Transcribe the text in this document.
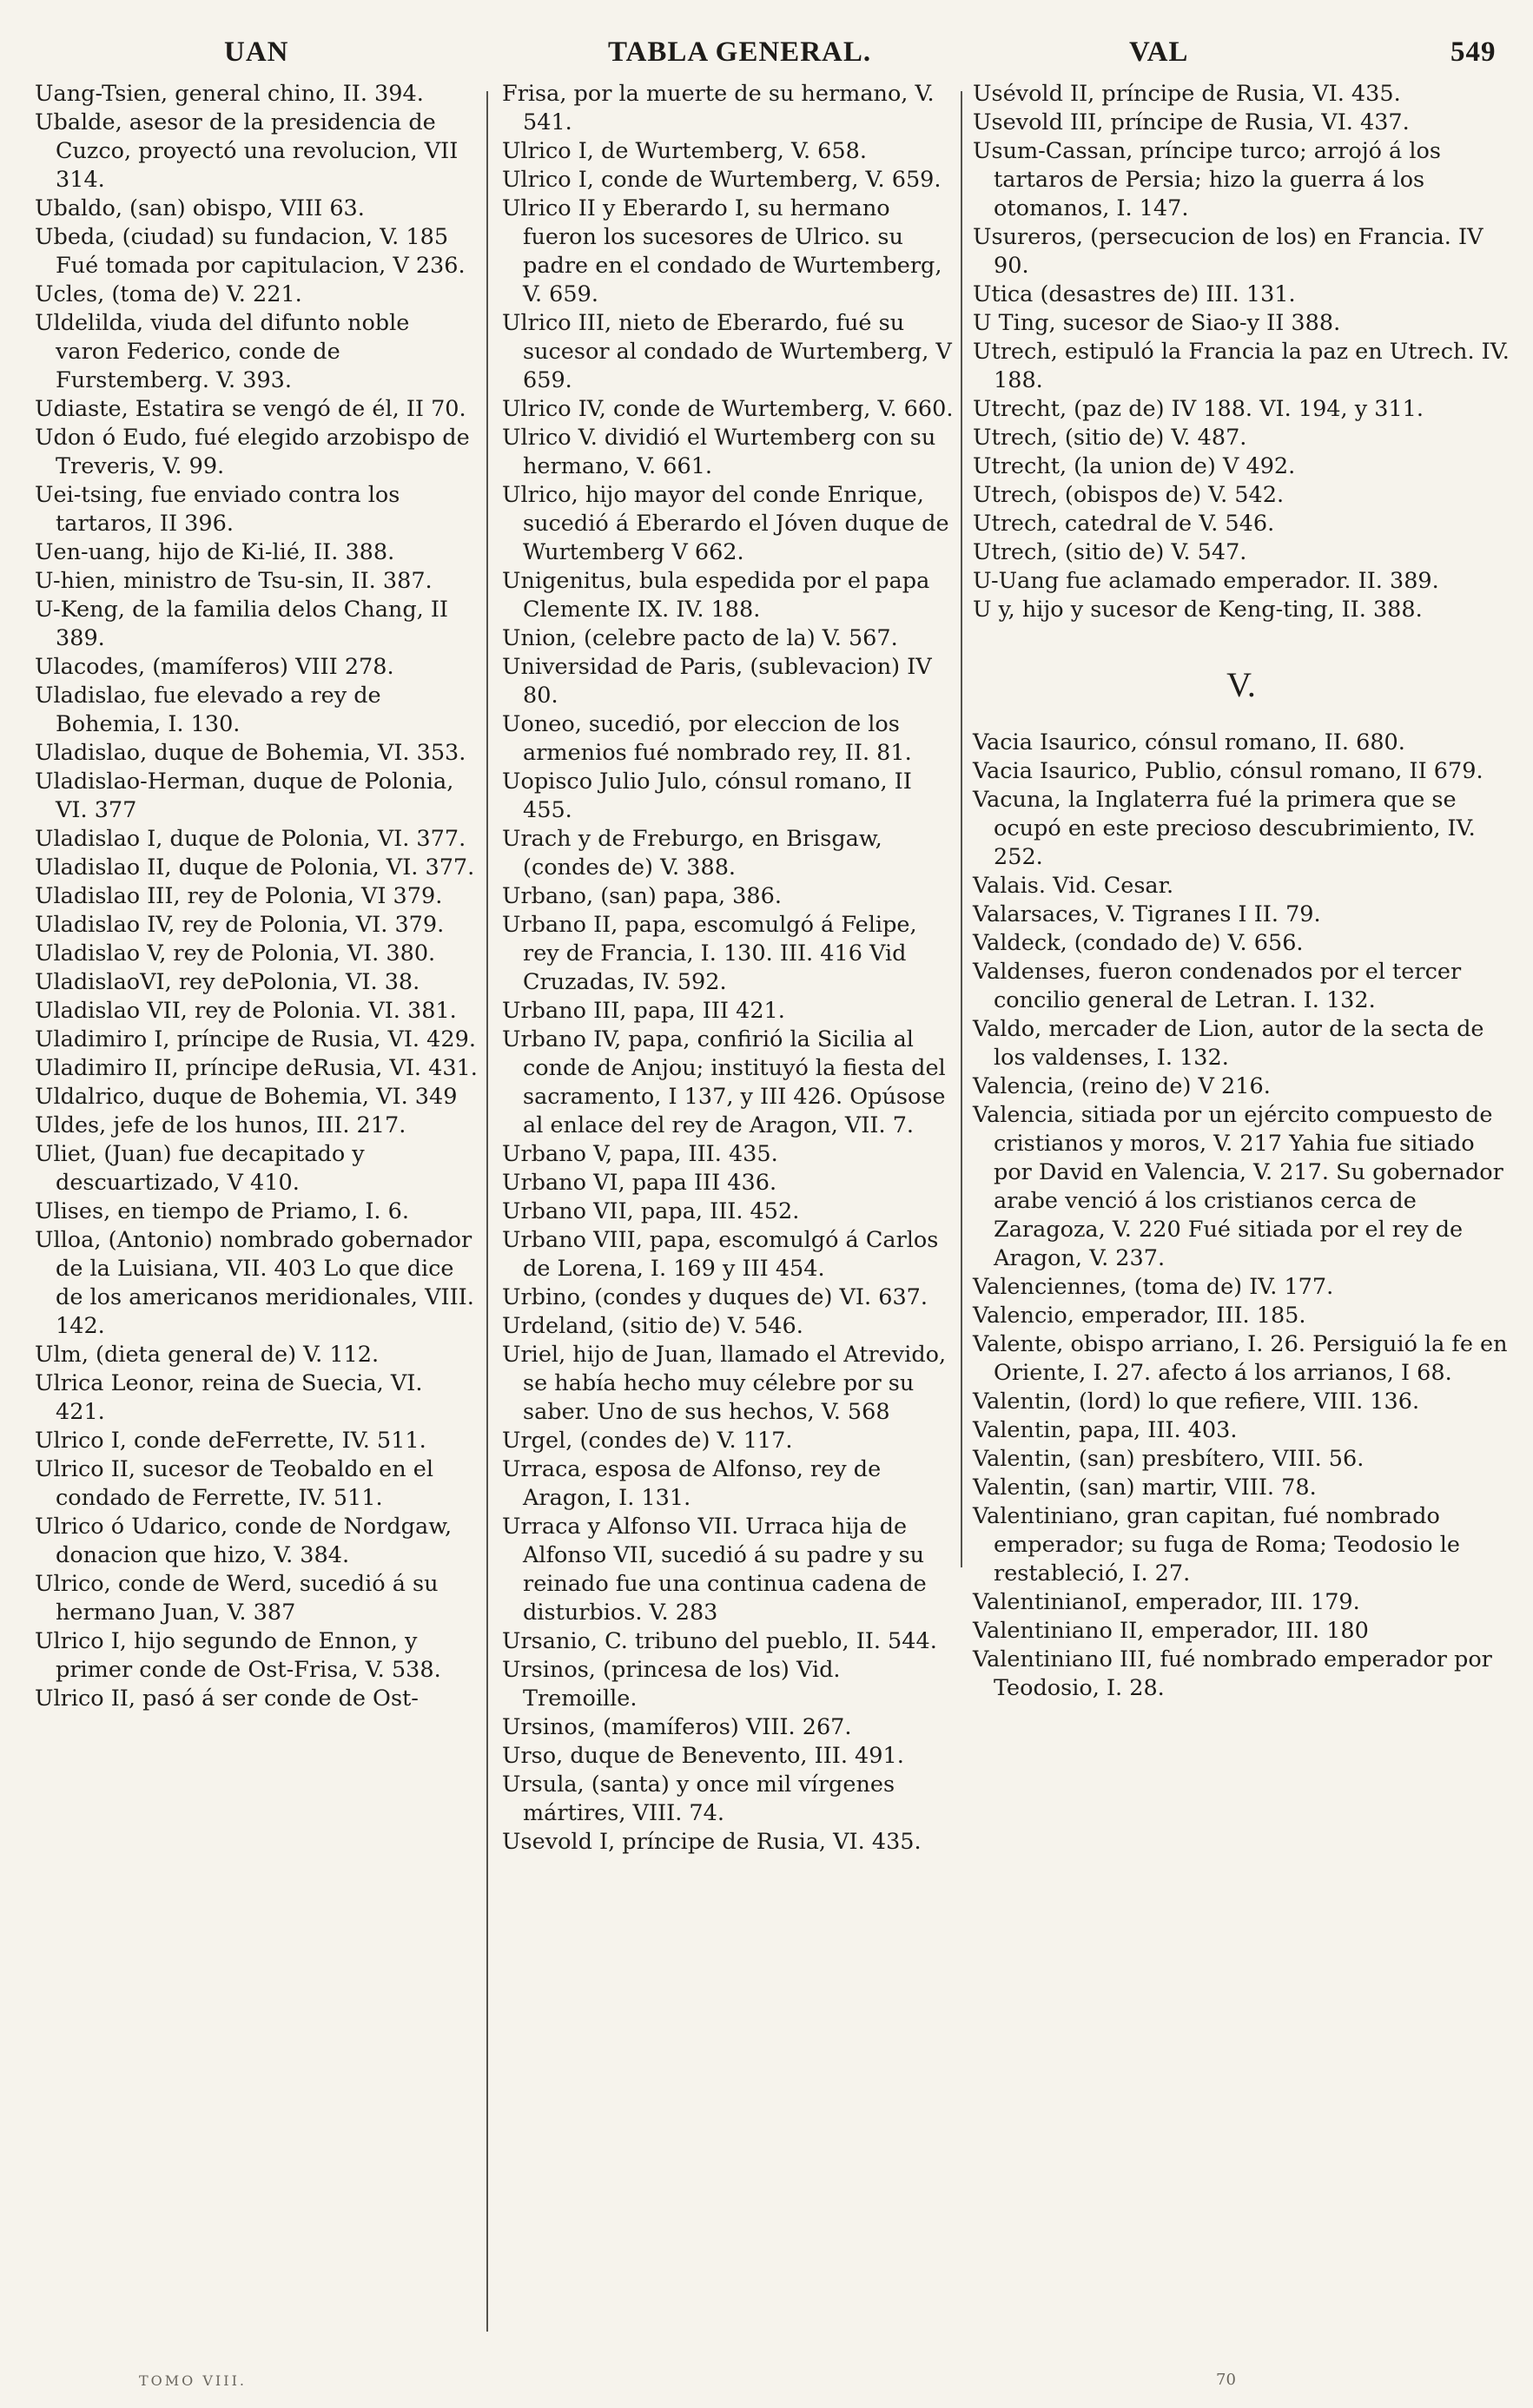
UAN	TABLA GENERAL.	VAL	549

Uang-Tsien, general chino, II. 394.

Ubalde, asesor de la presidencia de Cuzco, proyectó una revolucion, VII 314.

Ubaldo, (san) obispo, VIII 63.

Ubeda, (ciudad) su fundacion, V. 185 Fué tomada por capitulacion, V 236.

Ucles, (toma de) V. 221.

Uldelilda, viuda del difunto noble varon Federico, conde de Furstemberg. V. 393.

Udiaste, Estatira se vengó de él, II 70.

Udon ó Eudo, fué elegido arzobispo de Treveris, V. 99.

Uei-tsing, fue enviado contra los tartaros, II 396.

Uen-uang, hijo de Ki-lié, II. 388.

U-hien, ministro de Tsu-sin, II. 387.

U-Keng, de la familia delos Chang, II 389.

Ulacodes, (mamíferos) VIII 278.

Uladislao, fue elevado a rey de Bohemia, I. 130.

Uladislao, duque de Bohemia, VI. 353.

Uladislao-Herman, duque de Polonia, VI. 377

Uladislao I, duque de Polonia, VI. 377.

Uladislao II, duque de Polonia, VI. 377.

Uladislao III, rey de Polonia, VI 379.

Uladislao IV, rey de Polonia, VI. 379.

Uladislao V, rey de Polonia, VI. 380.

UladislaoVI, rey dePolonia, VI. 38.

Uladislao VII, rey de Polonia. VI. 381.

Uladimiro I, príncipe de Rusia, VI. 429.

Uladimiro II, príncipe deRusia, VI. 431.

Uldalrico, duque de Bohemia, VI. 349

Uldes, jefe de los hunos, III. 217.

Uliet, (Juan) fue decapitado y descuartizado, V 410.

Ulises, en tiempo de Priamo, I. 6.

Ulloa, (Antonio) nombrado gobernador de la Luisiana, VII. 403 Lo que dice de los americanos meridionales, VIII. 142.

Ulm, (dieta general de) V. 112.

Ulrica Leonor, reina de Suecia, VI. 421.

Ulrico I, conde deFerrette, IV. 511.

Ulrico II, sucesor de Teobaldo en el condado de Ferrette, IV. 511.

Ulrico ó Udarico, conde de Nordgaw, donacion que hizo, V. 384.

Ulrico, conde de Werd, sucedió á su hermano Juan, V. 387

Ulrico I, hijo segundo de Ennon, y primer conde de Ost-Frisa, V. 538.

Ulrico II, pasó á ser conde de Ost-

Frisa, por la muerte de su hermano, V. 541.

Ulrico I, de Wurtemberg, V. 658.

Ulrico I, conde de Wurtemberg, V. 659.

Ulrico II y Eberardo I, su hermano fueron los sucesores de Ulrico. su padre en el condado de Wurtemberg, V. 659.

Ulrico III, nieto de Eberardo, fué su sucesor al condado de Wurtemberg, V 659.

Ulrico IV, conde de Wurtemberg, V. 660.

Ulrico V. dividió el Wurtemberg con su hermano, V. 661.

Ulrico, hijo mayor del conde Enrique, sucedió á Eberardo el Jóven duque de Wurtemberg V 662.

Unigenitus, bula espedida por el papa Clemente IX. IV. 188.

Union, (celebre pacto de la) V. 567.

Universidad de Paris, (sublevacion) IV 80.

Uoneo, sucedió, por eleccion de los armenios fué nombrado rey, II. 81.

Uopisco Julio Julo, cónsul romano, II 455.

Urach y de Freburgo, en Brisgaw, (condes de) V. 388.

Urbano, (san) papa, 386.

Urbano II, papa, escomulgó á Felipe, rey de Francia, I. 130. III. 416 Vid Cruzadas, IV. 592.

Urbano III, papa, III 421.

Urbano IV, papa, confirió la Sicilia al conde de Anjou; instituyó la fiesta del sacramento, I 137, y III 426. Opúsose al enlace del rey de Aragon, VII. 7.

Urbano V, papa, III. 435.

Urbano VI, papa III 436.

Urbano VII, papa, III. 452.

Urbano VIII, papa, escomulgó á Carlos de Lorena, I. 169 y III 454.

Urbino, (condes y duques de) VI. 637.

Urdeland, (sitio de) V. 546.

Uriel, hijo de Juan, llamado el Atrevido, se había hecho muy célebre por su saber. Uno de sus hechos, V. 568

Urgel, (condes de) V. 117.

Urraca, esposa de Alfonso, rey de Aragon, I. 131.

Urraca y Alfonso VII. Urraca hija de Alfonso VII, sucedió á su padre y su reinado fue una continua cadena de disturbios. V. 283

Ursanio, C. tribuno del pueblo, II. 544.

Ursinos, (princesa de los) Vid. Tremoille.

Ursinos, (mamíferos) VIII. 267.

Urso, duque de Benevento, III. 491.

Ursula, (santa) y once mil vírgenes mártires, VIII. 74.

Usevold I, príncipe de Rusia, VI. 435.

Usévold II, príncipe de Rusia, VI. 435.

Usevold III, príncipe de Rusia, VI. 437.

Usum-Cassan, príncipe turco; arrojó á los tartaros de Persia; hizo la guerra á los otomanos, I. 147.

Usureros, (persecucion de los) en Francia. IV 90.

Utica (desastres de) III. 131.

U Ting, sucesor de Siao-y II 388.

Utrech, estipuló la Francia la paz en Utrech. IV. 188.

Utrecht, (paz de) IV 188. VI. 194, y 311.

Utrech, (sitio de) V. 487.

Utrecht, (la union de) V 492.

Utrech, (obispos de) V. 542.

Utrech, catedral de V. 546.

Utrech, (sitio de) V. 547.

U-Uang fue aclamado emperador. II. 389.

U y, hijo y sucesor de Keng-ting, II. 388.

V.

Vacia Isaurico, cónsul romano, II. 680.

Vacia Isaurico, Publio, cónsul romano, II 679.

Vacuna, la Inglaterra fué la primera que se ocupó en este precioso descubrimiento, IV. 252.

Valais. Vid. Cesar.

Valarsaces, V. Tigranes I II. 79.

Valdeck, (condado de) V. 656.

Valdenses, fueron condenados por el tercer concilio general de Letran. I. 132.

Valdo, mercader de Lion, autor de la secta de los valdenses, I. 132.

Valencia, (reino de) V 216.

Valencia, sitiada por un ejército compuesto de cristianos y moros, V. 217 Yahia fue sitiado por David en Valencia, V. 217. Su gobernador arabe venció á los cristianos cerca de Zaragoza, V. 220 Fué sitiada por el rey de Aragon, V. 237.

Valenciennes, (toma de) IV. 177.

Valencio, emperador, III. 185.

Valente, obispo arriano, I. 26. Persiguió la fe en Oriente, I. 27. afecto á los arrianos, I 68.

Valentin, (lord) lo que refiere, VIII. 136.

Valentin, papa, III. 403.

Valentin, (san) presbítero, VIII. 56.

Valentin, (san) martir, VIII. 78.

Valentiniano, gran capitan, fué nombrado emperador; su fuga de Roma; Teodosio le restableció, I. 27.

ValentinianoI, emperador, III. 179.

Valentiniano II, emperador, III. 180

Valentiniano III, fué nombrado emperador por Teodosio, I. 28.

TOMO VIII.	70
